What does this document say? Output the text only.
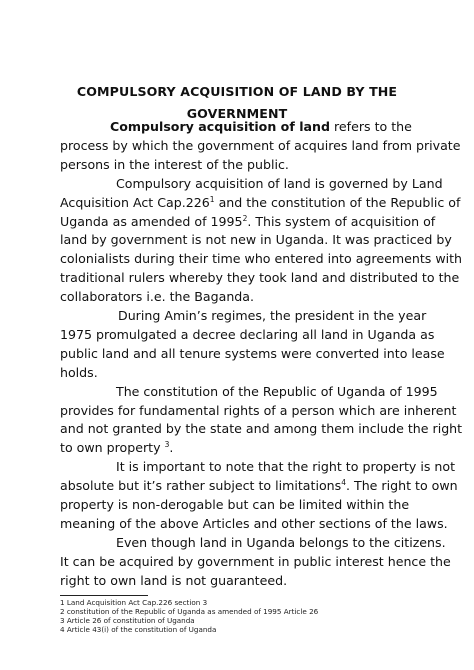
COMPULSORY ACQUISITION OF LAND BY THE
GOVERNMENT
Compulsory acquisition of land refers to the
process by which the government of acquires land from private
persons in the interest of the public.
Compulsory acquisition of land is governed by Land
Acquisition Act Cap.226$^1$ and the constitution of the Republic of
Uganda as amended of 1995$^2$. This system of acquisition of
land by government is not new in Uganda. It was practiced by
colonialists during their time who entered into agreements with
traditional rulers whereby they took land and distributed to the
collaborators i.e. the Baganda.
During Amin’s regimes, the president in the year
1975 promulgated a decree declaring all land in Uganda as
public land and all tenure systems were converted into lease
holds.
The constitution of the Republic of Uganda of 1995
provides for fundamental rights of a person which are inherent
and not granted by the state and among them include the right
to own property $^3$.
It is important to note that the right to property is not
absolute but it’s rather subject to limitations$^4$. The right to own
property is non-derogable but can be limited within the
meaning of the above Articles and other sections of the laws.
Even though land in Uganda belongs to the citizens.
It can be acquired by government in public interest hence the
right to own land is not guaranteed.
1 Land Acquisition Act Cap.226 section 3
2 constitution of the Republic of Uganda as amended of 1995 Article 26
3 Article 26 of constitution of Uganda
4 Article 43(i) of the constitution of Uganda
